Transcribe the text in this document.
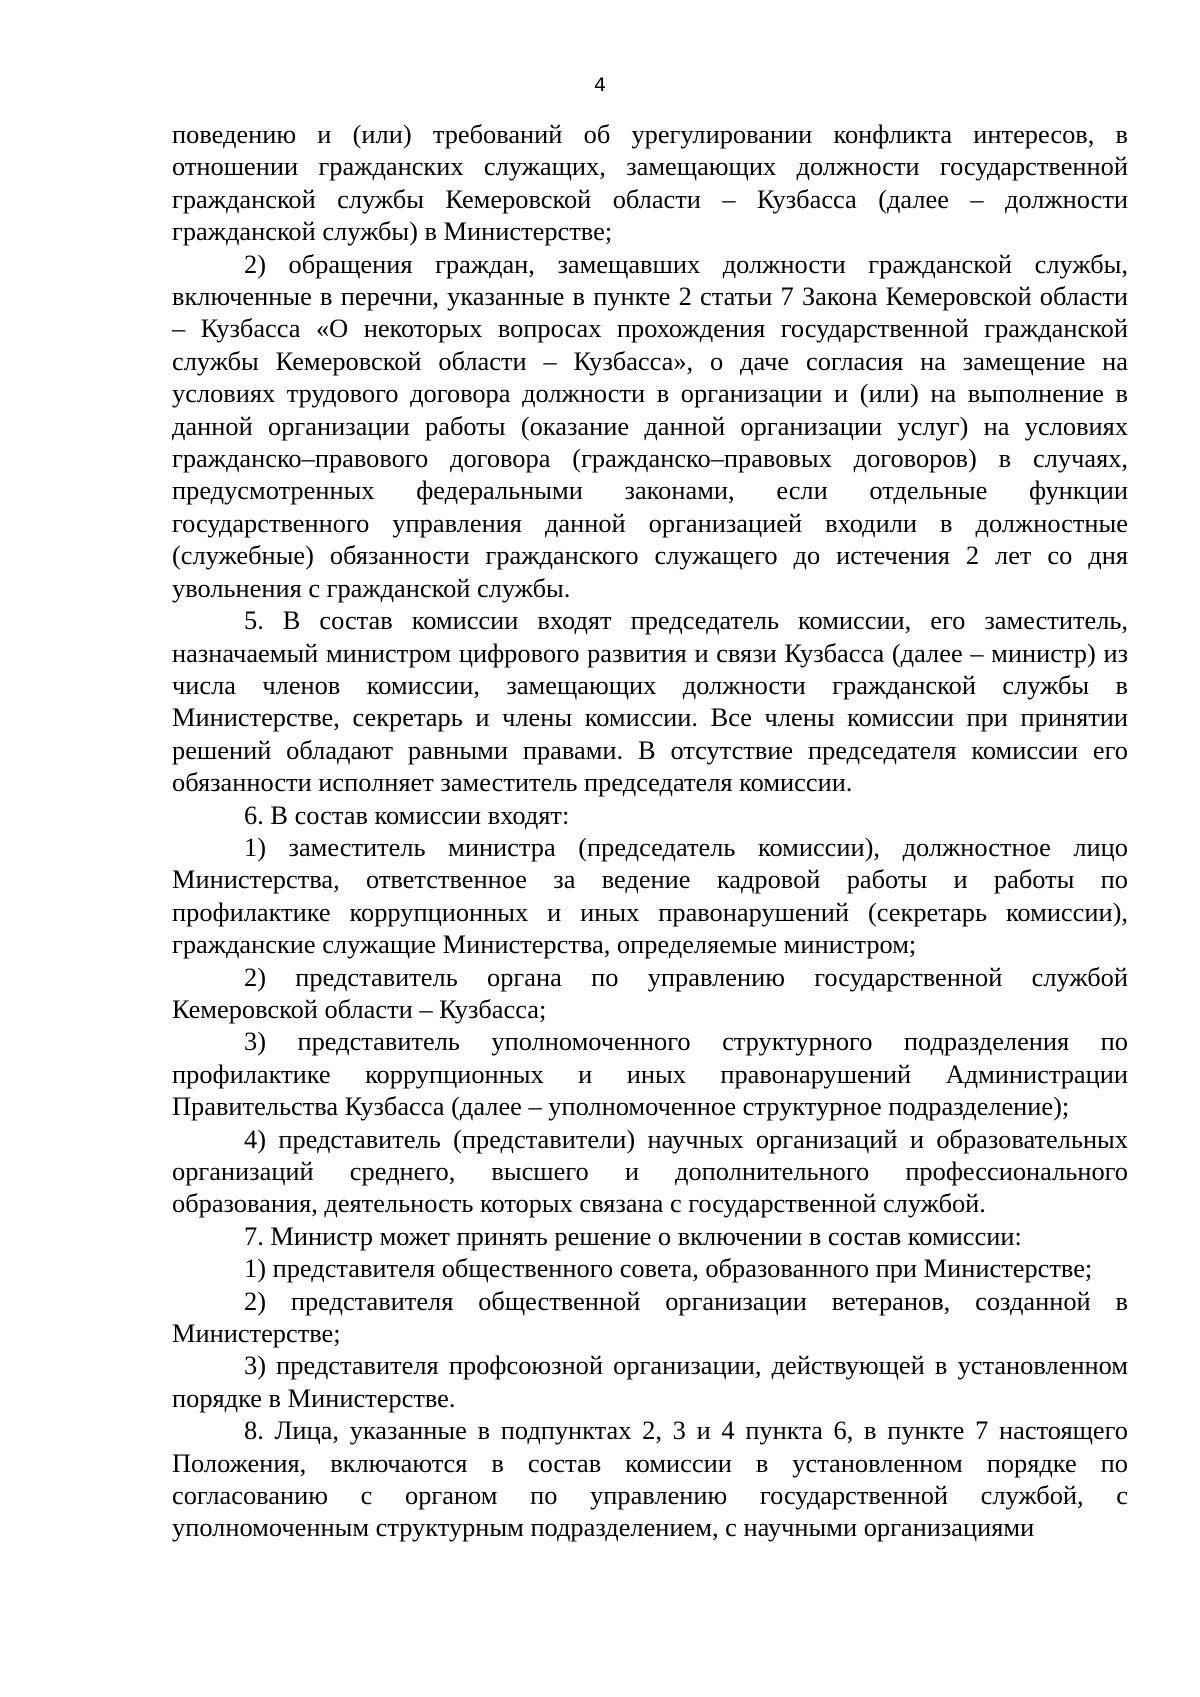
4

поведению и (или) требований об урегулировании конфликта интересов, в отношении гражданских служащих, замещающих должности государственной гражданской службы Кемеровской области – Кузбасса (далее – должности гражданской службы) в Министерстве;

2) обращения граждан, замещавших должности гражданской службы, включенные в перечни, указанные в пункте 2 статьи 7 Закона Кемеровской области – Кузбасса «О некоторых вопросах прохождения государственной гражданской службы Кемеровской области – Кузбасса», о даче согласия на замещение на условиях трудового договора должности в организации и (или) на выполнение в данной организации работы (оказание данной организации услуг) на условиях гражданско–правового договора (гражданско–правовых договоров) в случаях, предусмотренных федеральными законами, если отдельные функции государственного управления данной организацией входили в должностные (служебные) обязанности гражданского служащего до истечения 2 лет со дня увольнения с гражданской службы.

5. В состав комиссии входят председатель комиссии, его заместитель, назначаемый министром цифрового развития и связи Кузбасса (далее – министр) из числа членов комиссии, замещающих должности гражданской службы в Министерстве, секретарь и члены комиссии. Все члены комиссии при принятии решений обладают равными правами. В отсутствие председателя комиссии его обязанности исполняет заместитель председателя комиссии.

6. В состав комиссии входят:

1) заместитель министра (председатель комиссии), должностное лицо Министерства, ответственное за ведение кадровой работы и работы по профилактике коррупционных и иных правонарушений (секретарь комиссии), гражданские служащие Министерства, определяемые министром;

2) представитель органа по управлению государственной службой Кемеровской области – Кузбасса;

3) представитель уполномоченного структурного подразделения по профилактике коррупционных и иных правонарушений Администрации Правительства Кузбасса (далее – уполномоченное структурное подразделение);

4) представитель (представители) научных организаций и образовательных организаций среднего, высшего и дополнительного профессионального образования, деятельность которых связана с государственной службой.

7. Министр может принять решение о включении в состав комиссии:

1) представителя общественного совета, образованного при Министерстве;

2) представителя общественной организации ветеранов, созданной в Министерстве;

3) представителя профсоюзной организации, действующей в установленном порядке в Министерстве.

8. Лица, указанные в подпунктах 2, 3 и 4 пункта 6, в пункте 7 настоящего Положения, включаются в состав комиссии в установленном порядке по согласованию с органом по управлению государственной службой, с уполномоченным структурным подразделением, с научными организациями
